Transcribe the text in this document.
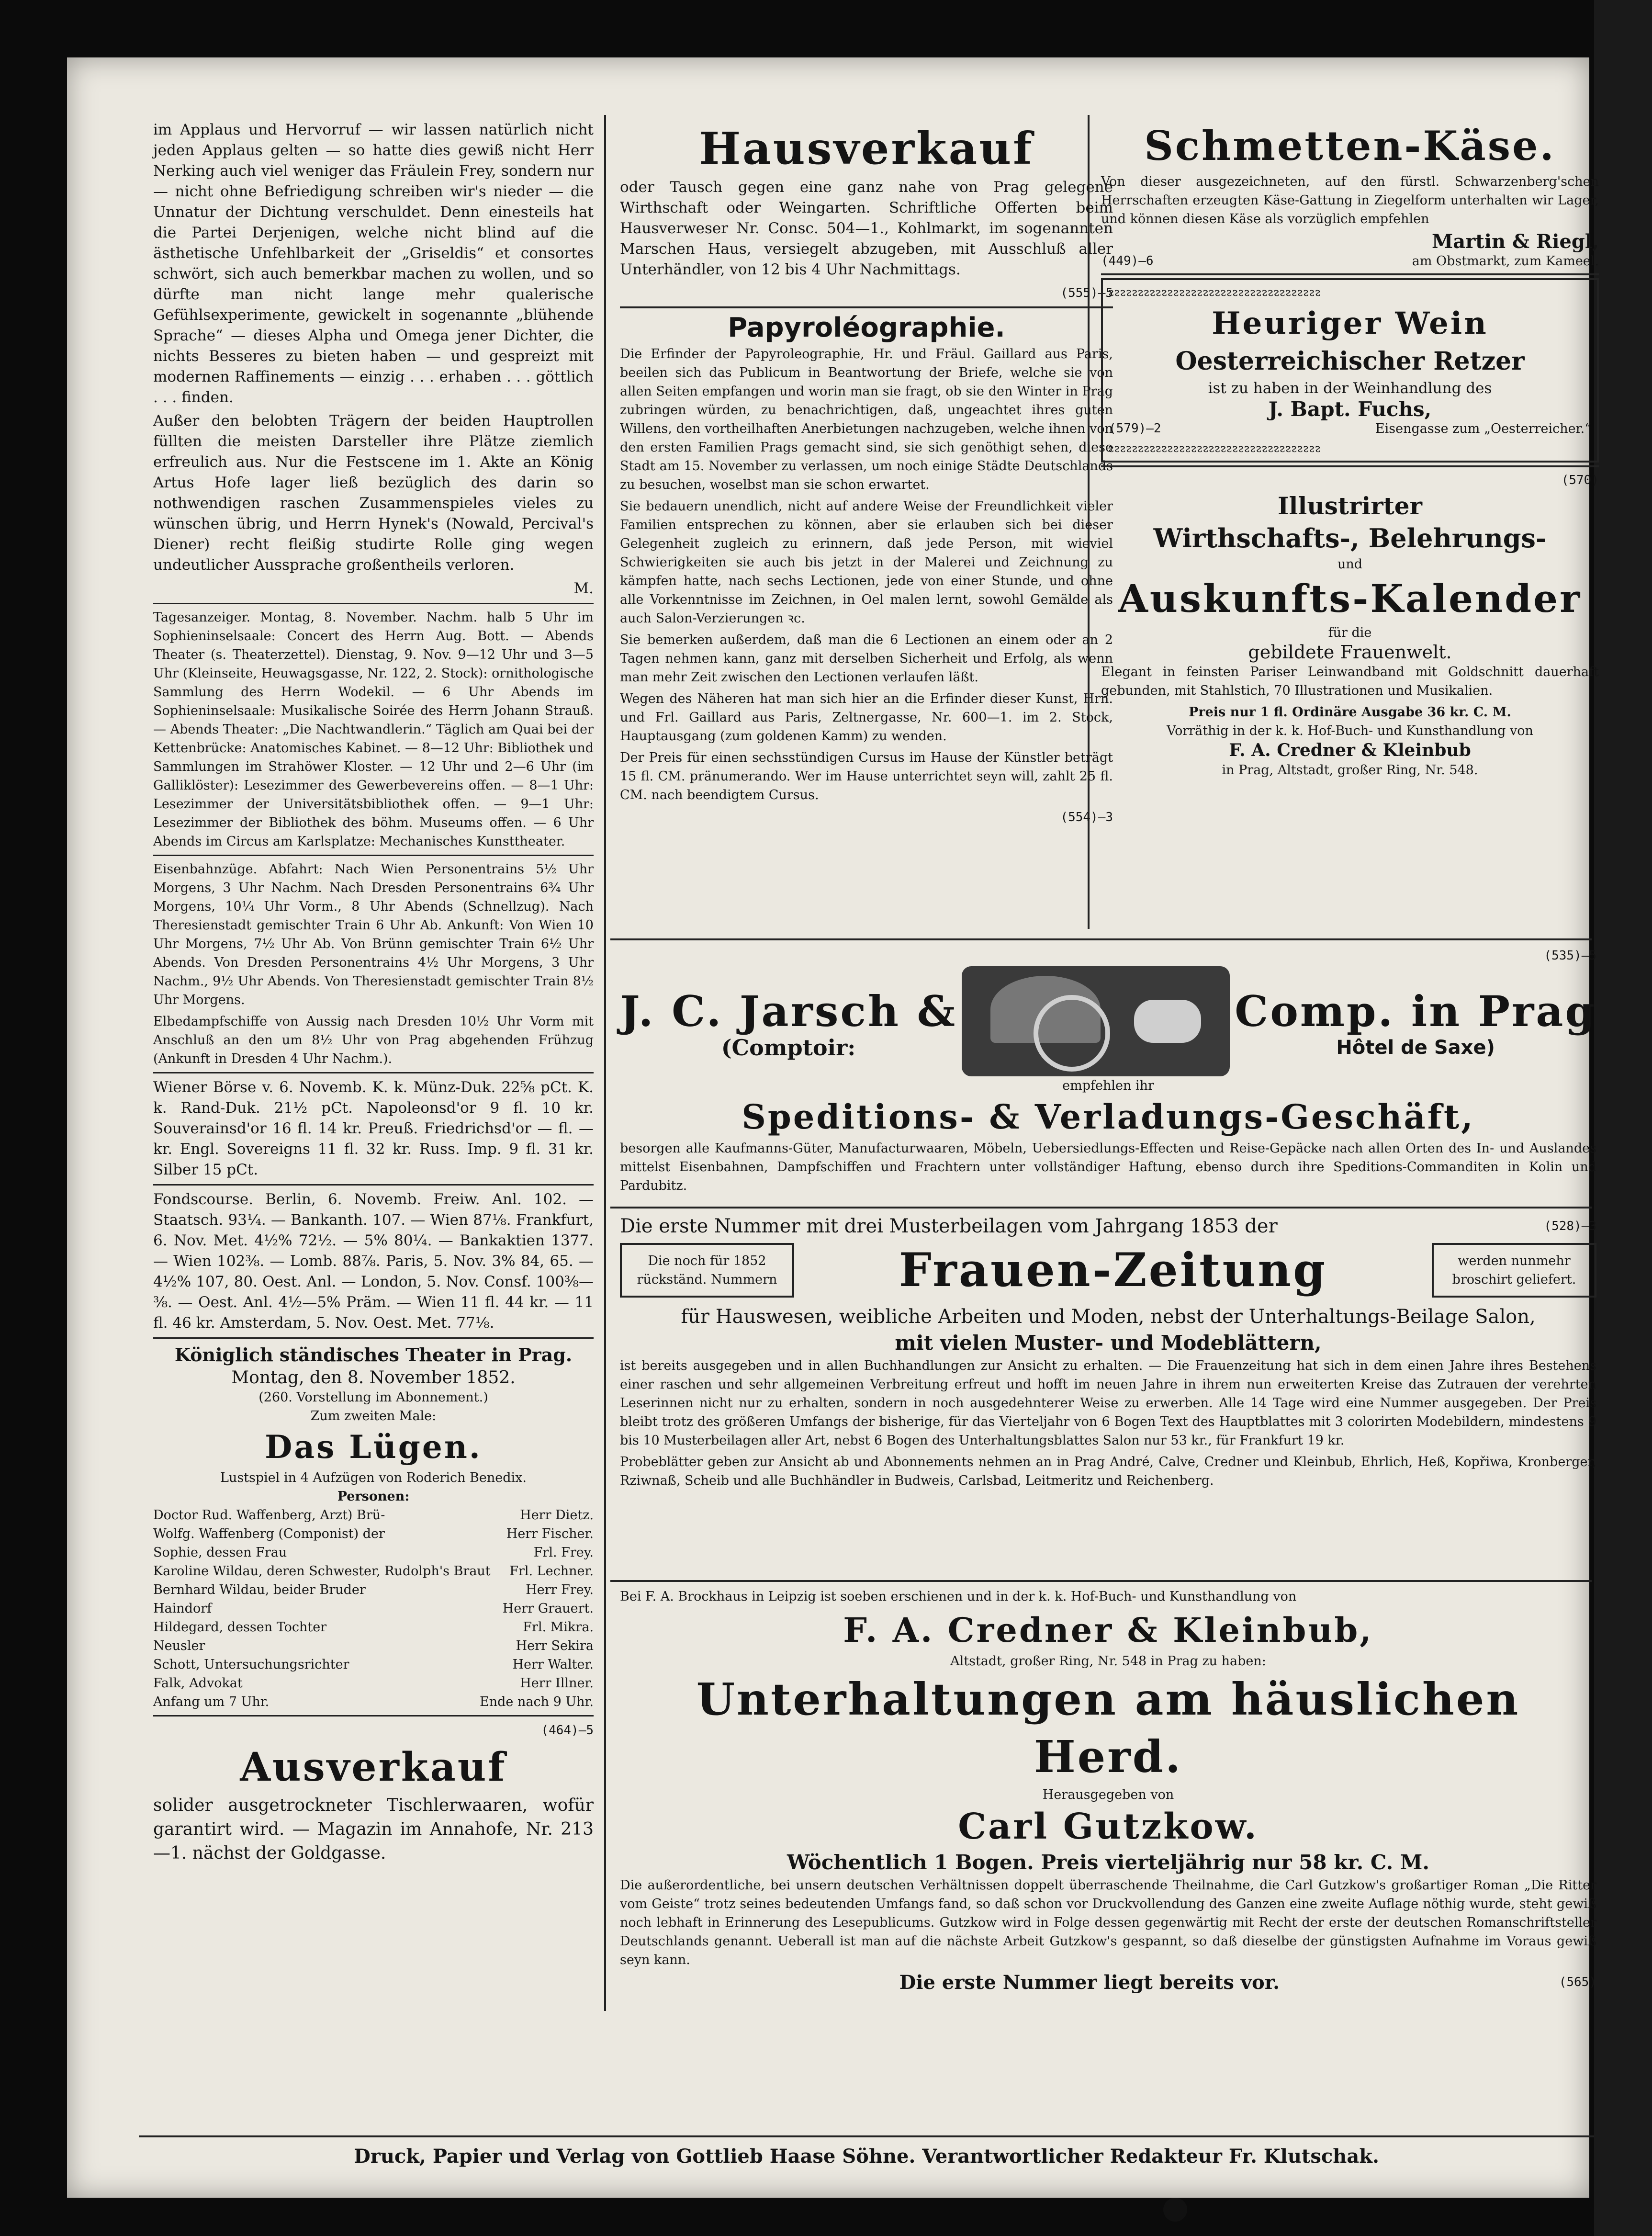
im Applaus und Hervorruf — wir lassen natürlich nicht jeden Applaus gelten — so hatte dies gewiß nicht Herr Nerking auch viel weniger das Fräulein Frey, sondern nur — nicht ohne Befriedigung schreiben wir's nieder — die Unnatur der Dichtung verschuldet. Denn einesteils hat die Partei Derjenigen, welche nicht blind auf die ästhetische Unfehlbarkeit der „Griseldis“ et consortes schwört, sich auch bemerkbar machen zu wollen, und so dürfte man nicht lange mehr qualerische Gefühlsexperimente, gewickelt in sogenannte „blühende Sprache“ — dieses Alpha und Omega jener Dichter, die nichts Besseres zu bieten haben — und gespreizt mit modernen Raffinements — einzig . . . erhaben . . . göttlich . . . finden.

Außer den belobten Trägern der beiden Hauptrollen füllten die meisten Darsteller ihre Plätze ziemlich erfreulich aus. Nur die Festscene im 1. Akte an König Artus Hofe lager ließ bezüglich des darin so nothwendigen raschen Zusammenspieles vieles zu wünschen übrig, und Herrn Hynek's (Nowald, Percival's Diener) recht fleißig studirte Rolle ging wegen undeutlicher Aussprache großentheils verloren.

M.

Tagesanzeiger. Montag, 8. November. Nachm. halb 5 Uhr im Sophieninselsaale: Concert des Herrn Aug. Bott. — Abends Theater (s. Theaterzettel). Dienstag, 9. Nov. 9—12 Uhr und 3—5 Uhr (Kleinseite, Heuwagsgasse, Nr. 122, 2. Stock): ornithologische Sammlung des Herrn Wodekil. — 6 Uhr Abends im Sophieninselsaale: Musikalische Soirée des Herrn Johann Strauß. — Abends Theater: „Die Nachtwandlerin.“ Täglich am Quai bei der Kettenbrücke: Anatomisches Kabinet. — 8—12 Uhr: Bibliothek und Sammlungen im Strahöwer Kloster. — 12 Uhr und 2—6 Uhr (im Galliklöster): Lesezimmer des Gewerbevereins offen. — 8—1 Uhr: Lesezimmer der Universitätsbibliothek offen. — 9—1 Uhr: Lesezimmer der Bibliothek des böhm. Museums offen. — 6 Uhr Abends im Circus am Karlsplatze: Mechanisches Kunsttheater.

Eisenbahnzüge. Abfahrt: Nach Wien Personentrains 5½ Uhr Morgens, 3 Uhr Nachm. Nach Dresden Personentrains 6¾ Uhr Morgens, 10¼ Uhr Vorm., 8 Uhr Abends (Schnellzug). Nach Theresienstadt gemischter Train 6 Uhr Ab. Ankunft: Von Wien 10 Uhr Morgens, 7½ Uhr Ab. Von Brünn gemischter Train 6½ Uhr Abends. Von Dresden Personentrains 4½ Uhr Morgens, 3 Uhr Nachm., 9½ Uhr Abends. Von Theresienstadt gemischter Train 8½ Uhr Morgens.

Elbedampfschiffe von Aussig nach Dresden 10½ Uhr Vorm mit Anschluß an den um 8½ Uhr von Prag abgehenden Frühzug (Ankunft in Dresden 4 Uhr Nachm.).

Wiener Börse v. 6. Novemb. K. k. Münz-Duk. 22⅝ pCt. K. k. Rand-Duk. 21½ pCt. Napoleonsd'or 9 fl. 10 kr. Souverainsd'or 16 fl. 14 kr. Preuß. Friedrichsd'or — fl. — kr. Engl. Sovereigns 11 fl. 32 kr. Russ. Imp. 9 fl. 31 kr. Silber 15 pCt.

Fondscourse. Berlin, 6. Novemb. Freiw. Anl. 102. — Staatsch. 93¼. — Bankanth. 107. — Wien 87⅛. Frankfurt, 6. Nov. Met. 4½% 72½. — 5% 80¼. — Bankaktien 1377. — Wien 102⅜. — Lomb. 88⅞. Paris, 5. Nov. 3% 84, 65. — 4½% 107, 80. Oest. Anl. — London, 5. Nov. Consf. 100⅜—⅜. — Oest. Anl. 4½—5% Präm. — Wien 11 fl. 44 kr. — 11 fl. 46 kr. Amsterdam, 5. Nov. Oest. Met. 77⅛.

Königlich ständisches Theater in Prag.
Montag, den 8. November 1852.
(260. Vorstellung im Abonnement.)
Zum zweiten Male:
Das Lügen.
Lustspiel in 4 Aufzügen von Roderich Benedix.
Personen:
Doctor Rud. Waffenberg, Arzt) Brü-	Herr Dietz.
Wolfg. Waffenberg (Componist) der	Herr Fischer.
Sophie, dessen Frau	Frl. Frey.
Karoline Wildau, deren Schwester, Rudolph's Braut Frl. Lechner.
Bernhard Wildau, beider Bruder	Herr Frey.
Haindorf	Herr Grauert.
Hildegard, dessen Tochter	Frl. Mikra.
Neusler	Herr Sekira
Schott, Untersuchungsrichter	Herr Walter.
Falk, Advokat	Herr Illner.
Anfang um 7 Uhr.	Ende nach 9 Uhr.
(464)—5
Ausverkauf

solider ausgetrockneter Tischlerwaaren, wofür garantirt wird. — Magazin im Annahofe, Nr. 213—1. nächst der Goldgasse.

Hausverkauf

oder Tausch gegen eine ganz nahe von Prag gelegene Wirthschaft oder Weingarten. Schriftliche Offerten beim Hausverweser Nr. Consc. 504—1., Kohlmarkt, im sogenannten Marschen Haus, versiegelt abzugeben, mit Ausschluß aller Unterhändler, von 12 bis 4 Uhr Nachmittags.

(555)—5
Papyroléographie.

Die Erfinder der Papyroleographie, Hr. und Fräul. Gaillard aus Paris, beeilen sich das Publicum in Beantwortung der Briefe, welche sie von allen Seiten empfangen und worin man sie fragt, ob sie den Winter in Prag zubringen würden, zu benachrichtigen, daß, ungeachtet ihres guten Willens, den vortheilhaften Anerbietungen nachzugeben, welche ihnen von den ersten Familien Prags gemacht sind, sie sich genöthigt sehen, diese Stadt am 15. November zu verlassen, um noch einige Städte Deutschlands zu besuchen, woselbst man sie schon erwartet.

Sie bedauern unendlich, nicht auf andere Weise der Freundlichkeit vieler Familien entsprechen zu können, aber sie erlauben sich bei dieser Gelegenheit zugleich zu erinnern, daß jede Person, mit wieviel Schwierigkeiten sie auch bis jetzt in der Malerei und Zeichnung zu kämpfen hatte, nach sechs Lectionen, jede von einer Stunde, und ohne alle Vorkenntnisse im Zeichnen, in Oel malen lernt, sowohl Gemälde als auch Salon-Verzierungen ꝛc.

Sie bemerken außerdem, daß man die 6 Lectionen an einem oder an 2 Tagen nehmen kann, ganz mit derselben Sicherheit und Erfolg, als wenn man mehr Zeit zwischen den Lectionen verlaufen läßt.

Wegen des Näheren hat man sich hier an die Erfinder dieser Kunst, Hrn. und Frl. Gaillard aus Paris, Zeltnergasse, Nr. 600—1. im 2. Stock, Hauptausgang (zum goldenen Kamm) zu wenden.

Der Preis für einen sechsstündigen Cursus im Hause der Künstler beträgt 15 fl. CM. pränumerando. Wer im Hause unterrichtet seyn will, zahlt 25 fl. CM. nach beendigtem Cursus.

(554)—3
Schmetten-Käse.

Von dieser ausgezeichneten, auf den fürstl. Schwarzenberg'schen Herrschaften erzeugten Käse-Gattung in Ziegelform unterhalten wir Lager, und können diesen Käse als vorzüglich empfehlen

Martin & Riegl,
(449)—6	am Obstmarkt, zum Kameel.
ᴤᴤᴤᴤᴤᴤᴤᴤᴤᴤᴤᴤᴤᴤᴤᴤᴤᴤᴤᴤᴤᴤᴤᴤᴤᴤᴤᴤᴤᴤᴤᴤᴤᴤᴤᴤ
Heuriger Wein
Oesterreichischer Retzer
ist zu haben in der Weinhandlung des
J. Bapt. Fuchs,
(579)—2	Eisengasse zum „Oesterreicher.“
ᴤᴤᴤᴤᴤᴤᴤᴤᴤᴤᴤᴤᴤᴤᴤᴤᴤᴤᴤᴤᴤᴤᴤᴤᴤᴤᴤᴤᴤᴤᴤᴤᴤᴤᴤᴤ
(570)
Illustrirter
Wirthschafts-, Belehrungs-
und
Auskunfts-Kalender
für die
gebildete Frauenwelt.

Elegant in feinsten Pariser Leinwandband mit Goldschnitt dauerhaft gebunden, mit Stahlstich, 70 Illustrationen und Musikalien.

Preis nur 1 fl. Ordinäre Ausgabe 36 kr. C. M.
Vorräthig in der k. k. Hof-Buch- und Kunsthandlung von
F. A. Credner & Kleinbub
in Prag, Altstadt, großer Ring, Nr. 548.
(535)—5
J. C. Jarsch &
(Comptoir:
Comp. in Prag
Hôtel de Saxe)
empfehlen ihr
Speditions- & Verladungs-Geschäft,

besorgen alle Kaufmanns-Güter, Manufacturwaaren, Möbeln, Uebersiedlungs-Effecten und Reise-Gepäcke nach allen Orten des In- und Auslandes mittelst Eisenbahnen, Dampfschiffen und Frachtern unter vollständiger Haftung, ebenso durch ihre Speditions-Commanditen in Kolin und Pardubitz.

Die erste Nummer mit drei Musterbeilagen vom Jahrgang 1853 der	(528)—3
Die noch für 1852 rückständ. Nummern	Frauen-Zeitung	werden nunmehr broschirt geliefert.
für Hauswesen, weibliche Arbeiten und Moden, nebst der Unterhaltungs-Beilage Salon,
mit vielen Muster- und Modeblättern,

ist bereits ausgegeben und in allen Buchhandlungen zur Ansicht zu erhalten. — Die Frauenzeitung hat sich in dem einen Jahre ihres Bestehens einer raschen und sehr allgemeinen Verbreitung erfreut und hofft im neuen Jahre in ihrem nun erweiterten Kreise das Zutrauen der verehrten Leserinnen nicht nur zu erhalten, sondern in noch ausgedehnterer Weise zu erwerben. Alle 14 Tage wird eine Nummer ausgegeben. Der Preis bleibt trotz des größeren Umfangs der bisherige, für das Vierteljahr von 6 Bogen Text des Hauptblattes mit 3 colorirten Modebildern, mindestens 9 bis 10 Musterbeilagen aller Art, nebst 6 Bogen des Unterhaltungsblattes Salon nur 53 kr., für Frankfurt 19 kr.

Probeblätter geben zur Ansicht ab und Abonnements nehmen an in Prag André, Calve, Credner und Kleinbub, Ehrlich, Heß, Kopřiwa, Kronberger, Rziwnaß, Scheib und alle Buchhändler in Budweis, Carlsbad, Leitmeritz und Reichenberg.

Bei F. A. Brockhaus in Leipzig ist soeben erschienen und in der k. k. Hof-Buch- und Kunsthandlung von

F. A. Credner & Kleinbub,
Altstadt, großer Ring, Nr. 548 in Prag zu haben:
Unterhaltungen am häuslichen Herd.
Herausgegeben von
Carl Gutzkow.
Wöchentlich 1 Bogen. Preis vierteljährig nur 58 kr. C. M.

Die außerordentliche, bei unsern deutschen Verhältnissen doppelt überraschende Theilnahme, die Carl Gutzkow's großartiger Roman „Die Ritter vom Geiste“ trotz seines bedeutenden Umfangs fand, so daß schon vor Druckvollendung des Ganzen eine zweite Auflage nöthig wurde, steht gewiß noch lebhaft in Erinnerung des Lesepublicums. Gutzkow wird in Folge dessen gegenwärtig mit Recht der erste der deutschen Romanschriftsteller Deutschlands genannt. Ueberall ist man auf die nächste Arbeit Gutzkow's gespannt, so daß dieselbe der günstigsten Aufnahme im Voraus gewiß seyn kann.

Die erste Nummer liegt bereits vor.	(565)
Druck, Papier und Verlag von Gottlieb Haase Söhne. Verantwortlicher Redakteur Fr. Klutschak.
